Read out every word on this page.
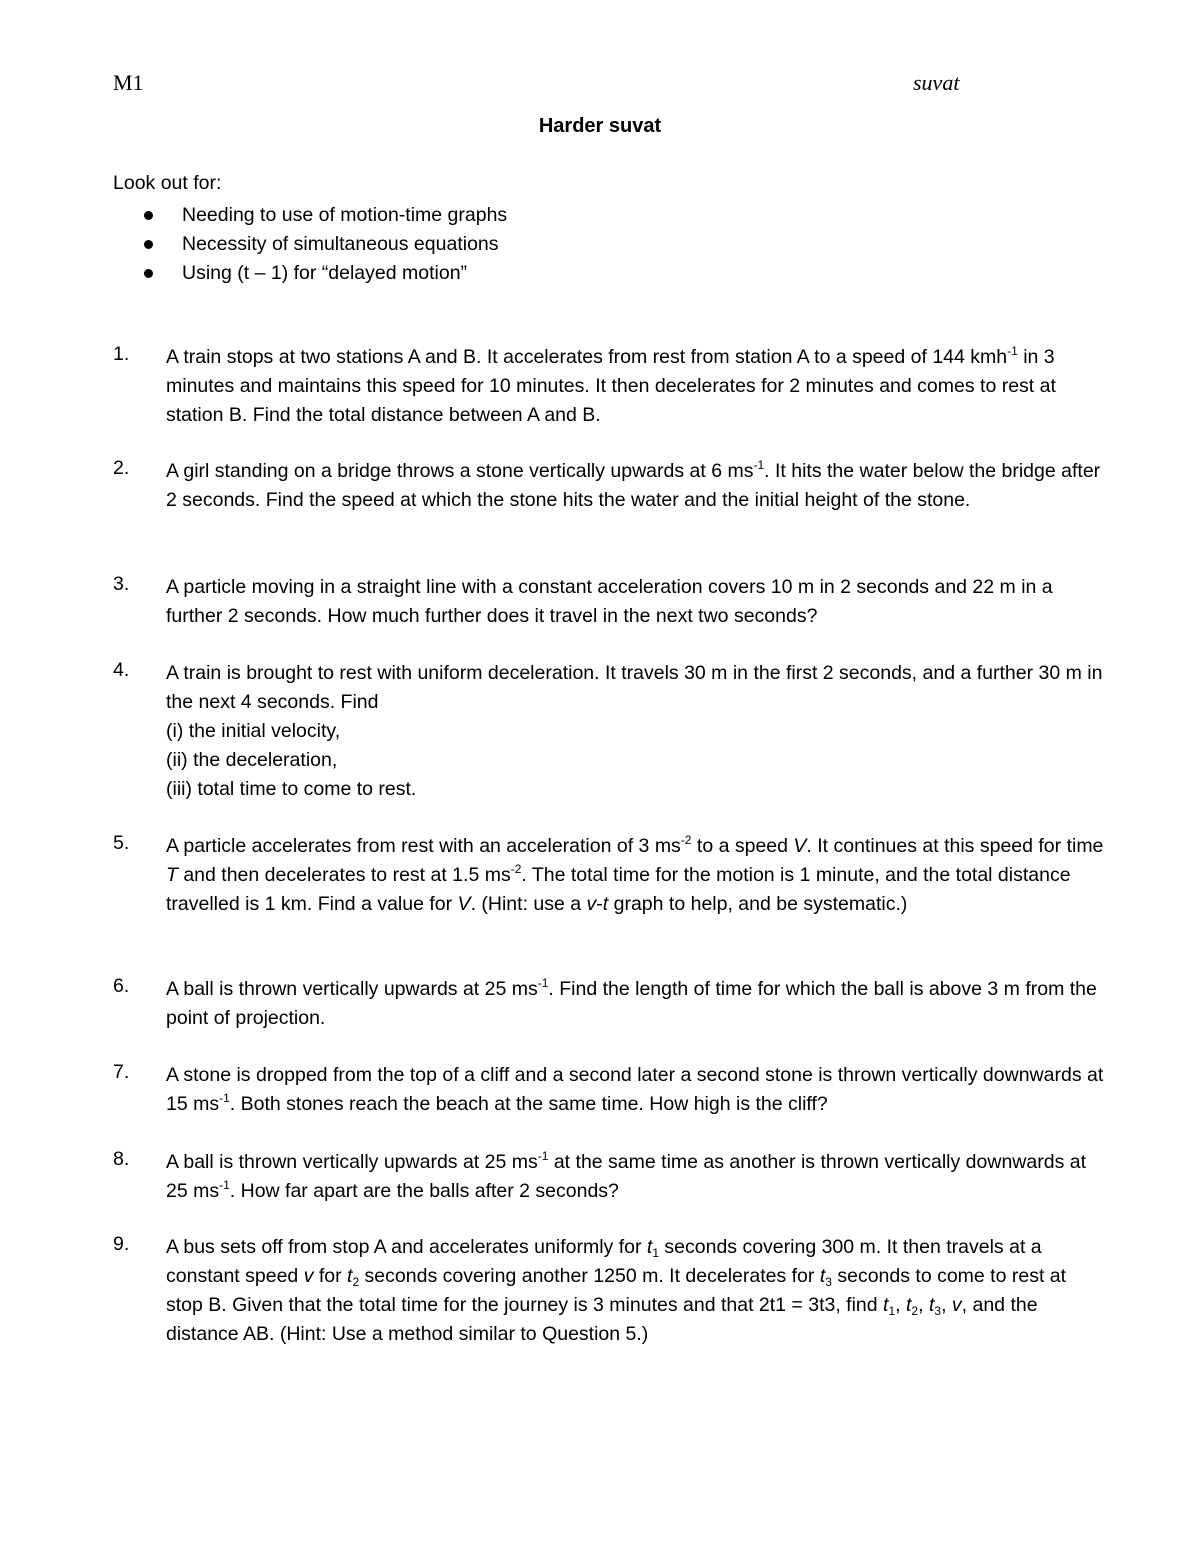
M1	suvat
Harder suvat
Look out for:
Needing to use of motion-time graphs
Necessity of simultaneous equations
Using (t – 1) for “delayed motion”
1. A train stops at two stations A and B. It accelerates from rest from station A to a speed of 144 kmh$^{-1}$ in 3 minutes and maintains this speed for 10 minutes. It then decelerates for 2 minutes and comes to rest at station B. Find the total distance between A and B.
2. A girl standing on a bridge throws a stone vertically upwards at 6 $ms^{-1}$. It hits the water below the bridge after 2 seconds. Find the speed at which the stone hits the water and the initial height of the stone.
3. A particle moving in a straight line with a constant acceleration covers 10 m in 2 seconds and 22 m in a further 2 seconds. How much further does it travel in the next two seconds?
4. A train is brought to rest with uniform deceleration. It travels 30 m in the first 2 seconds, and a further 30 m in the next 4 seconds. Find
(i) the initial velocity,
(ii) the deceleration,
(iii) total time to come to rest.
5. A particle accelerates from rest with an acceleration of 3 $ms^{-2}$ to a speed V. It continues at this speed for time T and then decelerates to rest at 1.5 $ms^{-2}$. The total time for the motion is 1 minute, and the total distance travelled is 1 km. Find a value for V. (Hint: use a v-t graph to help, and be systematic.)
6. A ball is thrown vertically upwards at 25 $ms^{-1}$. Find the length of time for which the ball is above 3 m from the point of projection.
7. A stone is dropped from the top of a cliff and a second later a second stone is thrown vertically downwards at 15 $ms^{-1}$. Both stones reach the beach at the same time. How high is the cliff?
8. A ball is thrown vertically upwards at 25 $ms^{-1}$ at the same time as another is thrown vertically downwards at 25 $ms^{-1}$. How far apart are the balls after 2 seconds?
9. A bus sets off from stop A and accelerates uniformly for $t_1$ seconds covering 300 m. It then travels at a constant speed v for $t_2$ seconds covering another 1250 m. It decelerates for $t_3$ seconds to come to rest at stop B. Given that the total time for the journey is 3 minutes and that 2t1 = 3t3, find $t_1$, $t_2$, $t_3$, v, and the distance AB. (Hint: Use a method similar to Question 5.)
